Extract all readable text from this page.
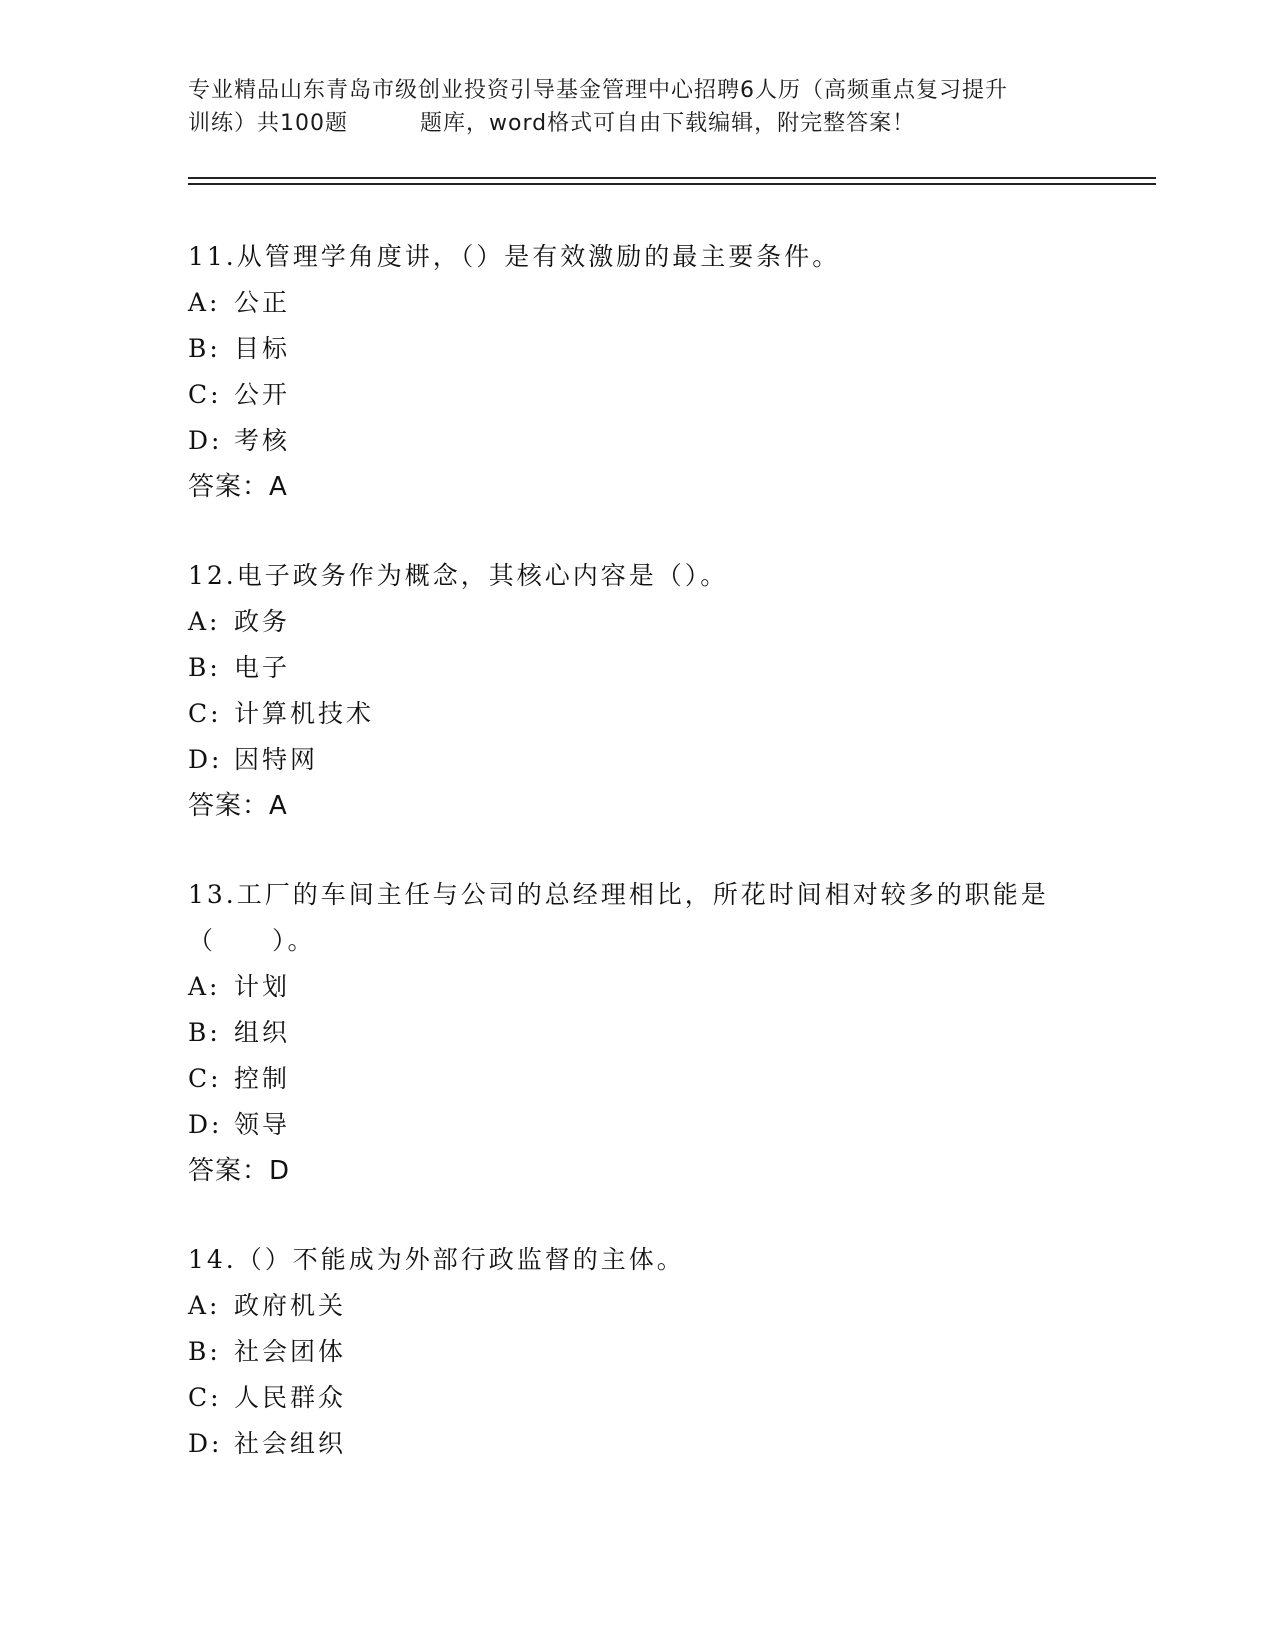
专业精品山东青岛市级创业投资引导基金管理中心招聘6人历（高频重点复习提升
训练）共100题	题库，word格式可自由下载编辑，附完整答案！
11.从管理学角度讲，（）是有效激励的最主要条件。
A: 公正
B: 目标
C: 公开
D: 考核
答案：A
12.电子政务作为概念，其核心内容是（）。
A: 政务
B: 电子
C: 计算机技术
D: 因特网
答案：A
13.工厂的车间主任与公司的总经理相比，所花时间相对较多的职能是
（　　）。
A: 计划
B: 组织
C: 控制
D: 领导
答案：D
14.（）不能成为外部行政监督的主体。
A: 政府机关
B: 社会团体
C: 人民群众
D: 社会组织
